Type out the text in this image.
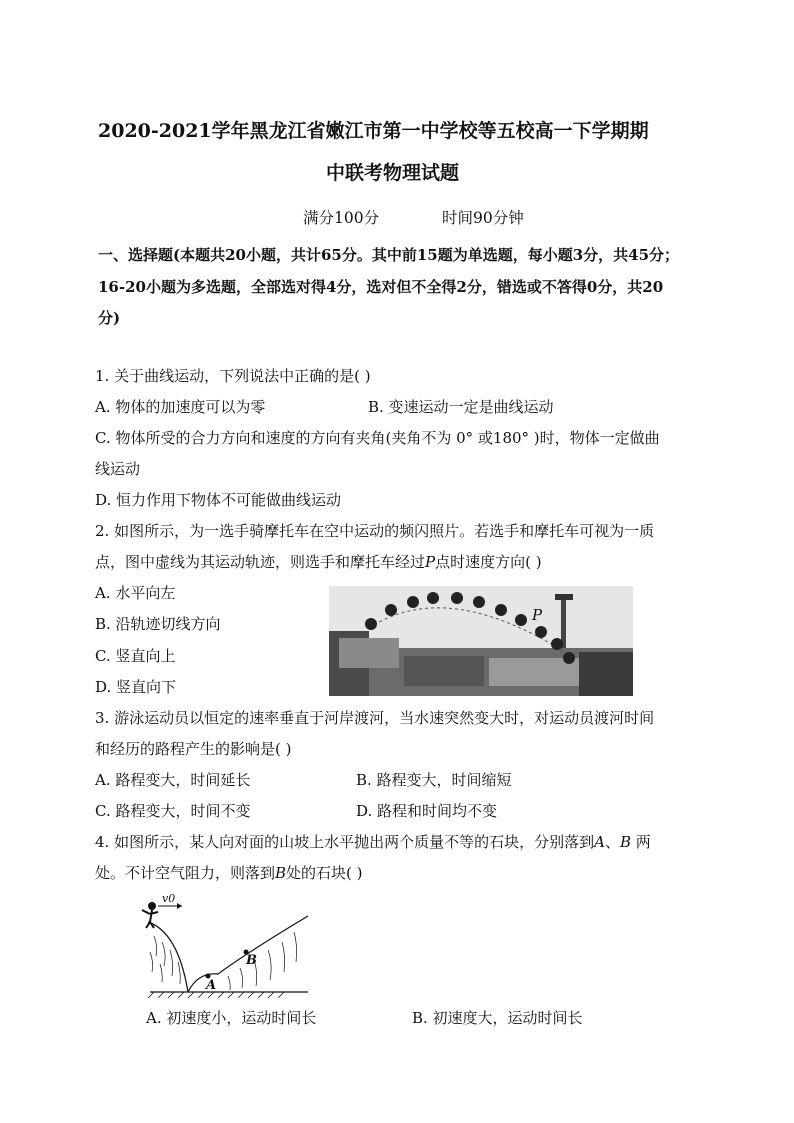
2020-2021学年黑龙江省嫩江市第一中学校等五校高一下学期期
中联考物理试题
满分100分	时间90分钟
一、选择题(本题共20小题，共计65分。其中前15题为单选题，每小题3分，共45分；
16-20小题为多选题，全部选对得4分，选对但不全得2分，错选或不答得0分，共20
分)
1. 关于曲线运动，下列说法中正确的是( )
A. 物体的加速度可以为零	B. 变速运动一定是曲线运动
C. 物体所受的合力方向和速度的方向有夹角(夹角不为 0° 或180° )时，物体一定做曲
线运动
D. 恒力作用下物体不可能做曲线运动
2. 如图所示，为一选手骑摩托车在空中运动的频闪照片。若选手和摩托车可视为一质
点，图中虚线为其运动轨迹，则选手和摩托车经过P点时速度方向( )
A. 水平向左
B. 沿轨迹切线方向
C. 竖直向上
D. 竖直向下
P
3. 游泳运动员以恒定的速率垂直于河岸渡河，当水速突然变大时，对运动员渡河时间
和经历的路程产生的影响是( )
A. 路程变大，时间延长	B. 路程变大，时间缩短
C. 路程变大，时间不变	D. 路程和时间均不变
4. 如图所示，某人向对面的山坡上水平抛出两个质量不等的石块，分别落到A、B 两
处。不计空气阻力，则落到B处的石块( )
v0
A
B
A. 初速度小，运动时间长	B. 初速度大，运动时间长
